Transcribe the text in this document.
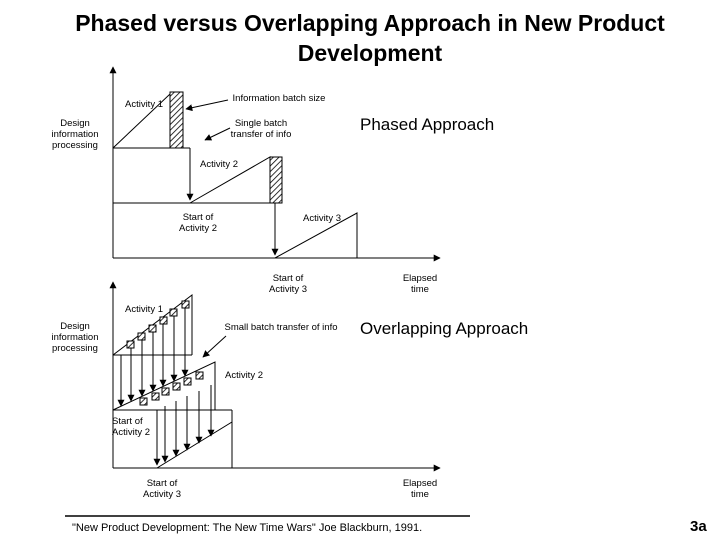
Phased versus Overlapping Approach in New Product Development
Design information processing
Activity 1
Information batch size
Single batch transfer of info
Phased Approach
Activity 2
Start of Activity 2
Activity 3
Start of Activity 3
Elapsed time
Design information processing
Activity 1
Small batch transfer of info	Overlapping Approach
Activity 2
Start of Activity 2
Start of Activity 3
Elapsed time
"New Product Development: The New Time Wars" Joe Blackburn, 1991.	3a
